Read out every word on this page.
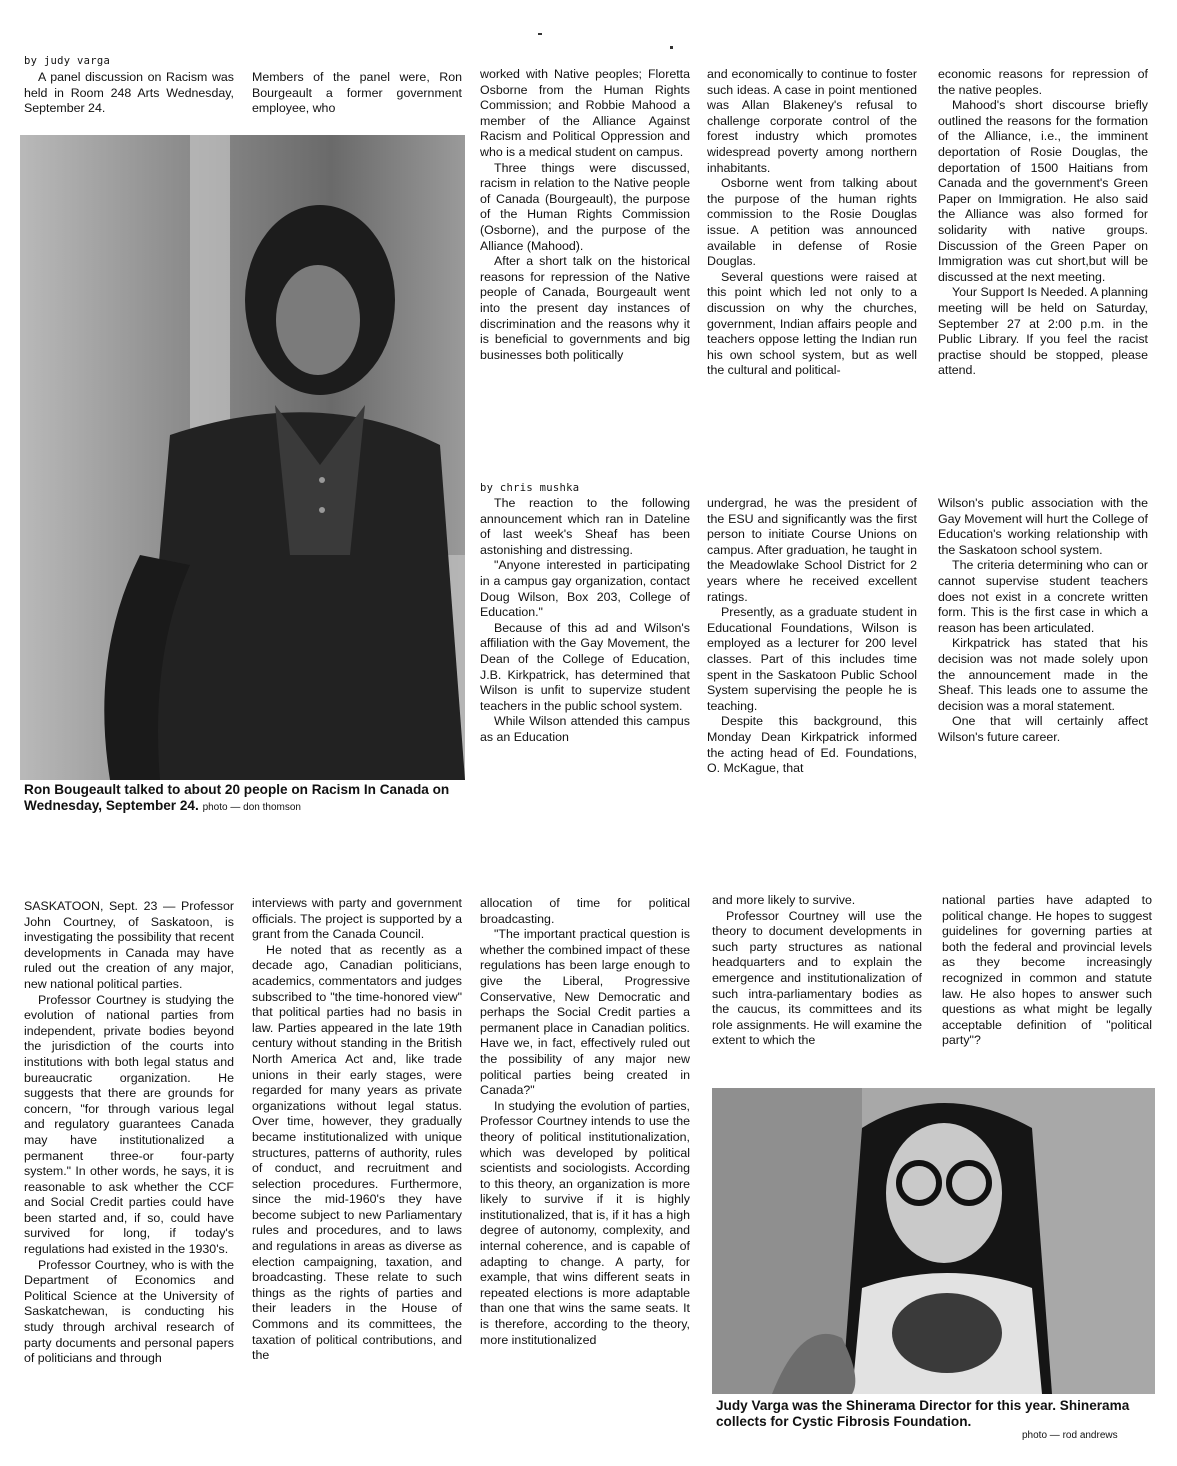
by judy varga

A panel discussion on Racism was held in Room 248 Arts Wednesday, September 24.

Members of the panel were, Ron Bourgeault a former government employee, who

worked with Native peoples; Floretta Osborne from the Human Rights Commission; and Robbie Mahood a member of the Alliance Against Racism and Political Oppression and who is a medical student on campus.

Three things were discussed, racism in relation to the Native people of Canada (Bourgeault), the purpose of the Human Rights Commission (Osborne), and the purpose of the Alliance (Mahood).

After a short talk on the historical reasons for repression of the Native people of Canada, Bourgeault went into the present day instances of discrimination and the reasons why it is beneficial to governments and big businesses both politically

and economically to continue to foster such ideas. A case in point mentioned was Allan Blakeney's refusal to challenge corporate control of the forest industry which promotes widespread poverty among northern inhabitants.

Osborne went from talking about the purpose of the human rights commission to the Rosie Douglas issue. A petition was announced available in defense of Rosie Douglas.

Several questions were raised at this point which led not only to a discussion on why the churches, government, Indian affairs people and teachers oppose letting the Indian run his own school system, but as well the cultural and political-

economic reasons for repression of the native peoples.

Mahood's short discourse briefly outlined the reasons for the formation of the Alliance, i.e., the imminent deportation of Rosie Douglas, the deportation of 1500 Haitians from Canada and the government's Green Paper on Immigration. He also said the Alliance was also formed for solidarity with native groups. Discussion of the Green Paper on Immigration was cut short,but will be discussed at the next meeting.

Your Support Is Needed. A planning meeting will be held on Saturday, September 27 at 2:00 p.m. in the Public Library. If you feel the racist practise should be stopped, please attend.

Ron Bougeault talked to about 20 people on Racism In Canada on Wednesday, September 24. photo — don thomson
by chris mushka

The reaction to the following announcement which ran in Dateline of last week's Sheaf has been astonishing and distressing.

"Anyone interested in participating in a campus gay organization, contact Doug Wilson, Box 203, College of Education."

Because of this ad and Wilson's affiliation with the Gay Movement, the Dean of the College of Education, J.B. Kirkpatrick, has determined that Wilson is unfit to supervize student teachers in the public school system.

While Wilson attended this campus as an Education

undergrad, he was the president of the ESU and significantly was the first person to initiate Course Unions on campus. After graduation, he taught in the Meadowlake School District for 2 years where he received excellent ratings.

Presently, as a graduate student in Educational Foundations, Wilson is employed as a lecturer for 200 level classes. Part of this includes time spent in the Saskatoon Public School System supervising the people he is teaching.

Despite this background, this Monday Dean Kirkpatrick informed the acting head of Ed. Foundations, O. McKague, that

Wilson's public association with the Gay Movement will hurt the College of Education's working relationship with the Saskatoon school system.

The criteria determining who can or cannot supervise student teachers does not exist in a concrete written form. This is the first case in which a reason has been articulated.

Kirkpatrick has stated that his decision was not made solely upon the announcement made in the Sheaf. This leads one to assume the decision was a moral statement.

One that will certainly affect Wilson's future career.

SASKATOON, Sept. 23 — Professor John Courtney, of Saskatoon, is investigating the possibility that recent developments in Canada may have ruled out the creation of any major, new national political parties.

Professor Courtney is studying the evolution of national parties from independent, private bodies beyond the jurisdiction of the courts into institutions with both legal status and bureaucratic organization. He suggests that there are grounds for concern, "for through various legal and regulatory guarantees Canada may have institutionalized a permanent three-or four-party system." In other words, he says, it is reasonable to ask whether the CCF and Social Credit parties could have been started and, if so, could have survived for long, if today's regulations had existed in the 1930's.

Professor Courtney, who is with the Department of Economics and Political Science at the University of Saskatchewan, is conducting his study through archival research of party documents and personal papers of politicians and through

interviews with party and government officials. The project is supported by a grant from the Canada Council.

He noted that as recently as a decade ago, Canadian politicians, academics, commentators and judges subscribed to "the time-honored view" that political parties had no basis in law. Parties appeared in the late 19th century without standing in the British North America Act and, like trade unions in their early stages, were regarded for many years as private organizations without legal status. Over time, however, they gradually became institutionalized with unique structures, patterns of authority, rules of conduct, and recruitment and selection procedures. Furthermore, since the mid-1960's they have become subject to new Parliamentary rules and procedures, and to laws and regulations in areas as diverse as election campaigning, taxation, and broadcasting. These relate to such things as the rights of parties and their leaders in the House of Commons and its committees, the taxation of political contributions, and the

allocation of time for political broadcasting.

"The important practical question is whether the combined impact of these regulations has been large enough to give the Liberal, Progressive Conservative, New Democratic and perhaps the Social Credit parties a permanent place in Canadian politics. Have we, in fact, effectively ruled out the possibility of any major new political parties being created in Canada?"

In studying the evolution of parties, Professor Courtney intends to use the theory of political institutionalization, which was developed by political scientists and sociologists. According to this theory, an organization is more likely to survive if it is highly institutionalized, that is, if it has a high degree of autonomy, complexity, and internal coherence, and is capable of adapting to change. A party, for example, that wins different seats in repeated elections is more adaptable than one that wins the same seats. It is therefore, according to the theory, more institutionalized

and more likely to survive.

Professor Courtney will use the theory to document developments in such party structures as national headquarters and to explain the emergence and institutionalization of such intra-parliamentary bodies as the caucus, its committees and its role assignments. He will examine the extent to which the

national parties have adapted to political change. He hopes to suggest guidelines for governing parties at both the federal and provincial levels as they become increasingly recognized in common and statute law. He also hopes to answer such questions as what might be legally acceptable definition of "political party"?

Judy Varga was the Shinerama Director for this year. Shinerama collects for Cystic Fibrosis Foundation.
photo — rod andrews
